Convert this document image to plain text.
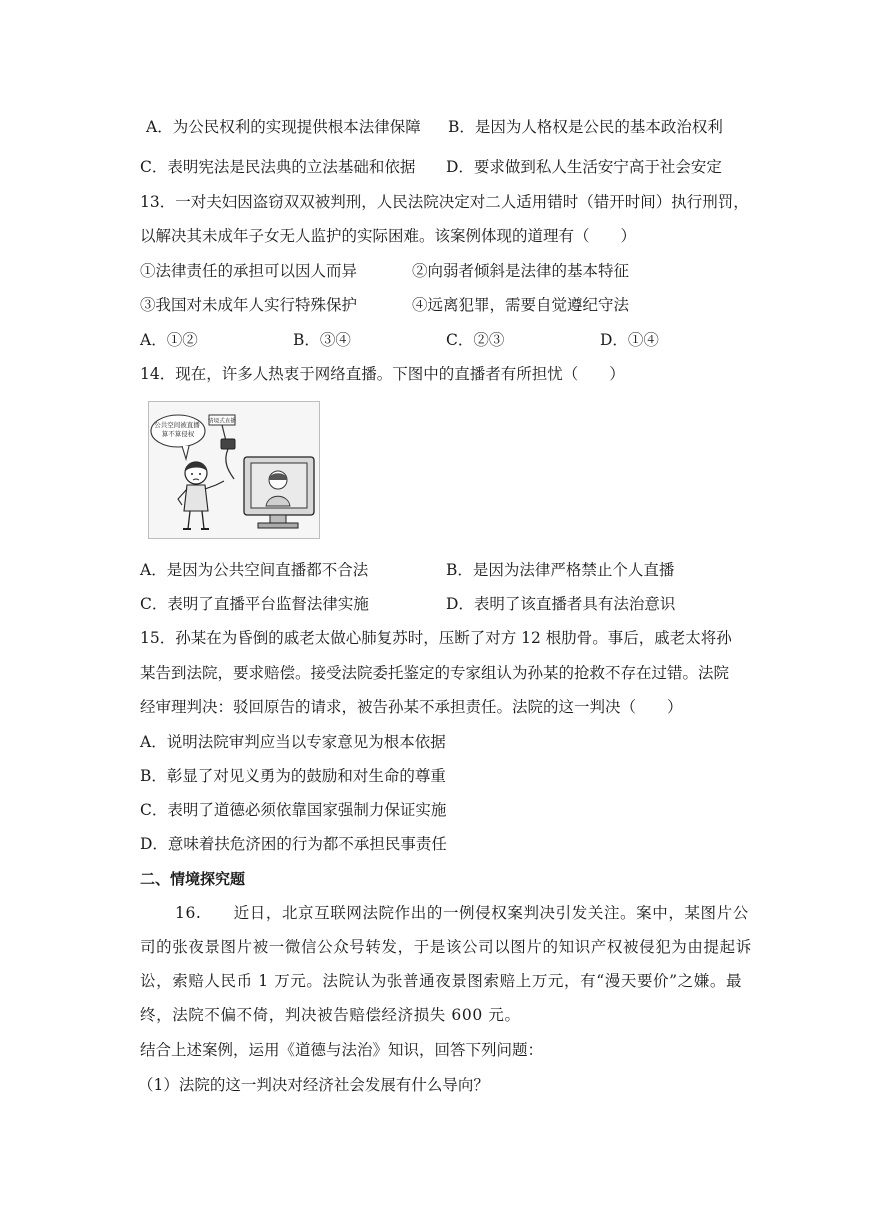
A．为公民权利的实现提供根本法律保障 B．是因为人格权是公民的基本政治权利
C．表明宪法是民法典的立法基础和依据 D．要求做到私人生活安宁高于社会安定
13．一对夫妇因盗窃双双被判刑，人民法院决定对二人适用错时（错开时间）执行刑罚，
以解决其未成年子女无人监护的实际困难。该案例体现的道理有（　　）
①法律责任的承担可以因人而异	②向弱者倾斜是法律的基本特征
③我国对未成年人实行特殊保护	④远离犯罪，需要自觉遵纪守法
A．①②	B．③④	C．②③	D．①④
14．现在，许多人热衷于网络直播。下图中的直播者有所担忧（　　）
公共空间被直播 算不算侵权
情境式直播
A．是因为公共空间直播都不合法	B．是因为法律严格禁止个人直播
C．表明了直播平台监督法律实施	D．表明了该直播者具有法治意识
15．孙某在为昏倒的戚老太做心肺复苏时，压断了对方 12 根肋骨。事后，戚老太将孙
某告到法院，要求赔偿。接受法院委托鉴定的专家组认为孙某的抢救不存在过错。法院
经审理判决：驳回原告的请求，被告孙某不承担责任。法院的这一判决（　　）
A．说明法院审判应当以专家意见为根本依据
B．彰显了对见义勇为的鼓励和对生命的尊重
C．表明了道德必须依靠国家强制力保证实施
D．意味着扶危济困的行为都不承担民事责任
二、情境探究题
16.　　近日，北京互联网法院作出的一例侵权案判决引发关注。案中，某图片公
司的张夜景图片被一微信公众号转发，于是该公司以图片的知识产权被侵犯为由提起诉
讼，索赔人民币 1 万元。法院认为张普通夜景图索赔上万元，有“漫天要价”之嫌。最
终，法院不偏不倚，判决被告赔偿经济损失 600 元。
结合上述案例，运用《道德与法治》知识，回答下列问题：
（1）法院的这一判决对经济社会发展有什么导向？
